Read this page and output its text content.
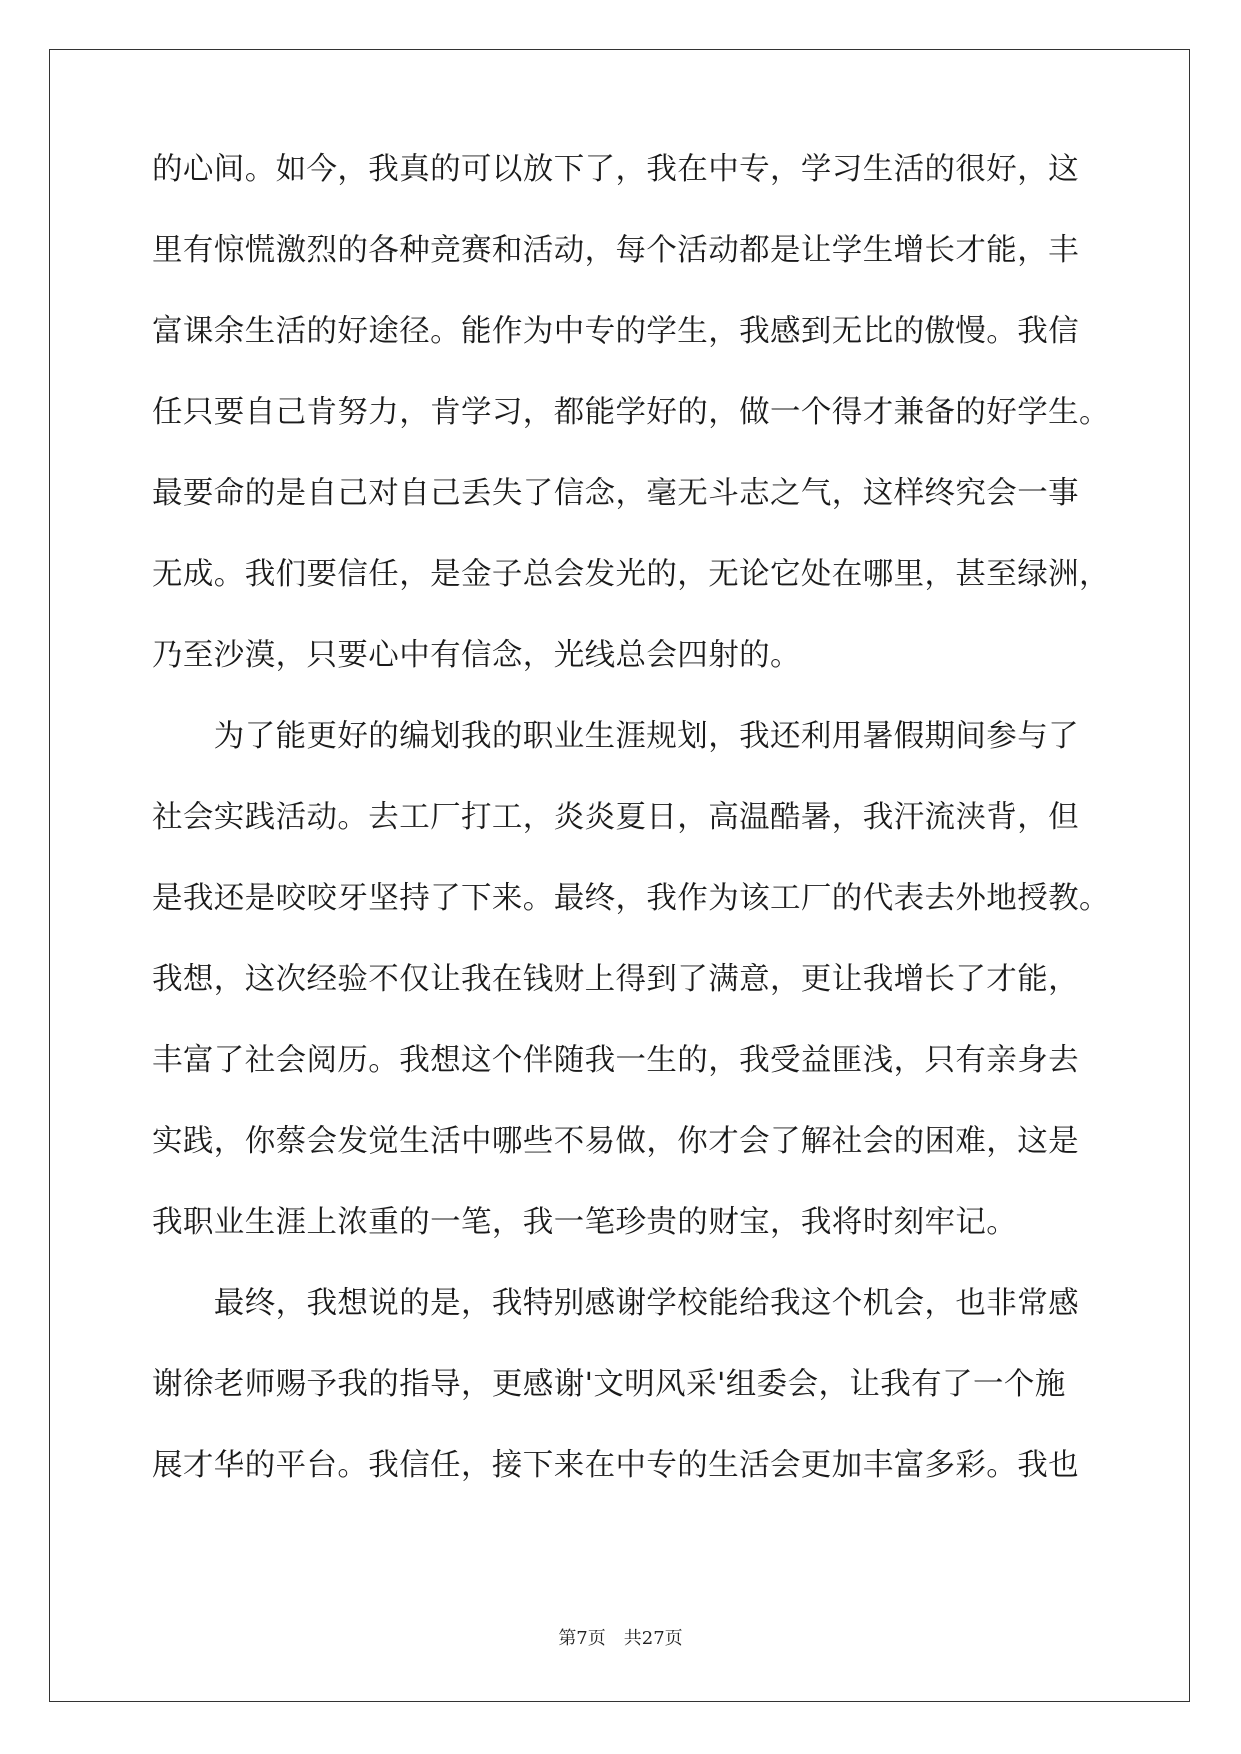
的心间。如今，我真的可以放下了，我在中专，学习生活的很好，这
里有惊慌激烈的各种竞赛和活动，每个活动都是让学生增长才能，丰
富课余生活的好途径。能作为中专的学生，我感到无比的傲慢。我信
任只要自己肯努力，肯学习，都能学好的，做一个得才兼备的好学生。
最要命的是自己对自己丢失了信念，毫无斗志之气，这样终究会一事
无成。我们要信任，是金子总会发光的，无论它处在哪里，甚至绿洲，
乃至沙漠，只要心中有信念，光线总会四射的。
　　为了能更好的编划我的职业生涯规划，我还利用暑假期间参与了
社会实践活动。去工厂打工，炎炎夏日，高温酷暑，我汗流浃背，但
是我还是咬咬牙坚持了下来。最终，我作为该工厂的代表去外地授教。
我想，这次经验不仅让我在钱财上得到了满意，更让我增长了才能，
丰富了社会阅历。我想这个伴随我一生的，我受益匪浅，只有亲身去
实践，你蔡会发觉生活中哪些不易做，你才会了解社会的困难，这是
我职业生涯上浓重的一笔，我一笔珍贵的财宝，我将时刻牢记。
　　最终，我想说的是，我特别感谢学校能给我这个机会，也非常感
谢徐老师赐予我的指导，更感谢'文明风采'组委会，让我有了一个施
展才华的平台。我信任，接下来在中专的生活会更加丰富多彩。我也
第7页　共27页
